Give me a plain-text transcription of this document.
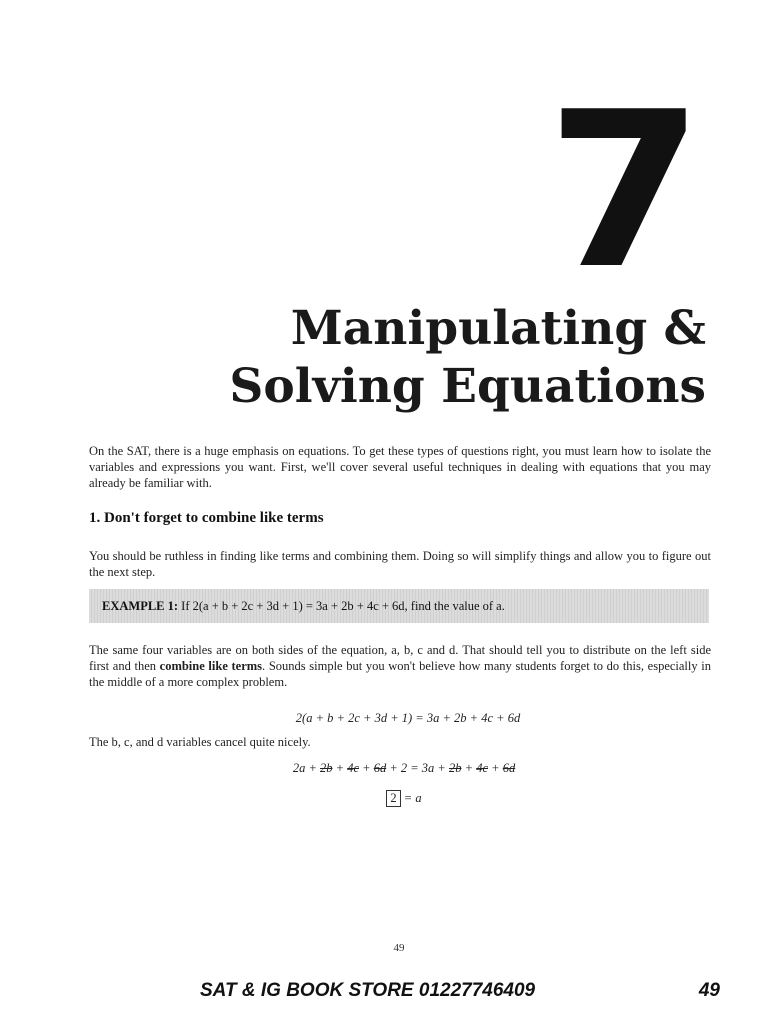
7
Manipulating &
Solving Equations

On the SAT, there is a huge emphasis on equations. To get these types of questions right, you must learn how to isolate the variables and expressions you want. First, we'll cover several useful techniques in dealing with equations that you may already be familiar with.

1. Don't forget to combine like terms

You should be ruthless in finding like terms and combining them. Doing so will simplify things and allow you to figure out the next step.

EXAMPLE 1: If 2(a + b + 2c + 3d + 1) = 3a + 2b + 4c + 6d, find the value of a.

The same four variables are on both sides of the equation, a, b, c and d. That should tell you to distribute on the left side first and then combine like terms. Sounds simple but you won't believe how many students forget to do this, especially in the middle of a more complex problem.

2(a + b + 2c + 3d + 1) = 3a + 2b + 4c + 6d

The b, c, and d variables cancel quite nicely.

2a + 2b + 4c + 6d + 2 = 3a + 2b + 4c + 6d
2 = a
49
SAT & IG BOOK STORE 01227746409	49
